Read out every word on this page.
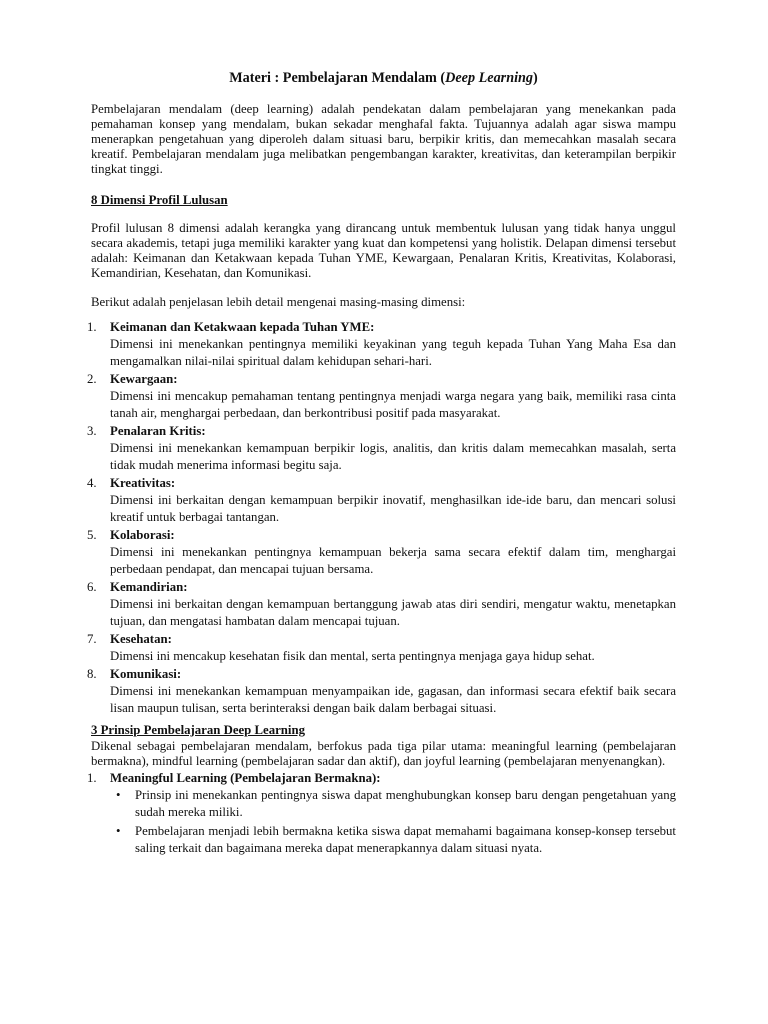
Materi : Pembelajaran Mendalam (Deep Learning)

Pembelajaran mendalam (deep learning) adalah pendekatan dalam pembelajaran yang menekankan pada pemahaman konsep yang mendalam, bukan sekadar menghafal fakta. Tujuannya adalah agar siswa mampu menerapkan pengetahuan yang diperoleh dalam situasi baru, berpikir kritis, dan memecahkan masalah secara kreatif. Pembelajaran mendalam juga melibatkan pengembangan karakter, kreativitas, dan keterampilan berpikir tingkat tinggi.

8 Dimensi Profil Lulusan

Profil lulusan 8 dimensi adalah kerangka yang dirancang untuk membentuk lulusan yang tidak hanya unggul secara akademis, tetapi juga memiliki karakter yang kuat dan kompetensi yang holistik. Delapan dimensi tersebut adalah: Keimanan dan Ketakwaan kepada Tuhan YME, Kewargaan, Penalaran Kritis, Kreativitas, Kolaborasi, Kemandirian, Kesehatan, dan Komunikasi.

Berikut adalah penjelasan lebih detail mengenai masing-masing dimensi:

1. Keimanan dan Ketakwaan kepada Tuhan YME:
Dimensi ini menekankan pentingnya memiliki keyakinan yang teguh kepada Tuhan Yang Maha Esa dan mengamalkan nilai-nilai spiritual dalam kehidupan sehari-hari.
2. Kewargaan:
Dimensi ini mencakup pemahaman tentang pentingnya menjadi warga negara yang baik, memiliki rasa cinta tanah air, menghargai perbedaan, dan berkontribusi positif pada masyarakat.
3. Penalaran Kritis:
Dimensi ini menekankan kemampuan berpikir logis, analitis, dan kritis dalam memecahkan masalah, serta tidak mudah menerima informasi begitu saja.
4. Kreativitas:
Dimensi ini berkaitan dengan kemampuan berpikir inovatif, menghasilkan ide-ide baru, dan mencari solusi kreatif untuk berbagai tantangan.
5. Kolaborasi:
Dimensi ini menekankan pentingnya kemampuan bekerja sama secara efektif dalam tim, menghargai perbedaan pendapat, dan mencapai tujuan bersama.
6. Kemandirian:
Dimensi ini berkaitan dengan kemampuan bertanggung jawab atas diri sendiri, mengatur waktu, menetapkan tujuan, dan mengatasi hambatan dalam mencapai tujuan.
7. Kesehatan:
Dimensi ini mencakup kesehatan fisik dan mental, serta pentingnya menjaga gaya hidup sehat.
8. Komunikasi:
Dimensi ini menekankan kemampuan menyampaikan ide, gagasan, dan informasi secara efektif baik secara lisan maupun tulisan, serta berinteraksi dengan baik dalam berbagai situasi.
3 Prinsip Pembelajaran Deep Learning

Dikenal sebagai pembelajaran mendalam, berfokus pada tiga pilar utama: meaningful learning (pembelajaran bermakna), mindful learning (pembelajaran sadar dan aktif), dan joyful learning (pembelajaran menyenangkan).

1. Meaningful Learning (Pembelajaran Bermakna):
• Prinsip ini menekankan pentingnya siswa dapat menghubungkan konsep baru dengan pengetahuan yang sudah mereka miliki.
• Pembelajaran menjadi lebih bermakna ketika siswa dapat memahami bagaimana konsep-konsep tersebut saling terkait dan bagaimana mereka dapat menerapkannya dalam situasi nyata.
